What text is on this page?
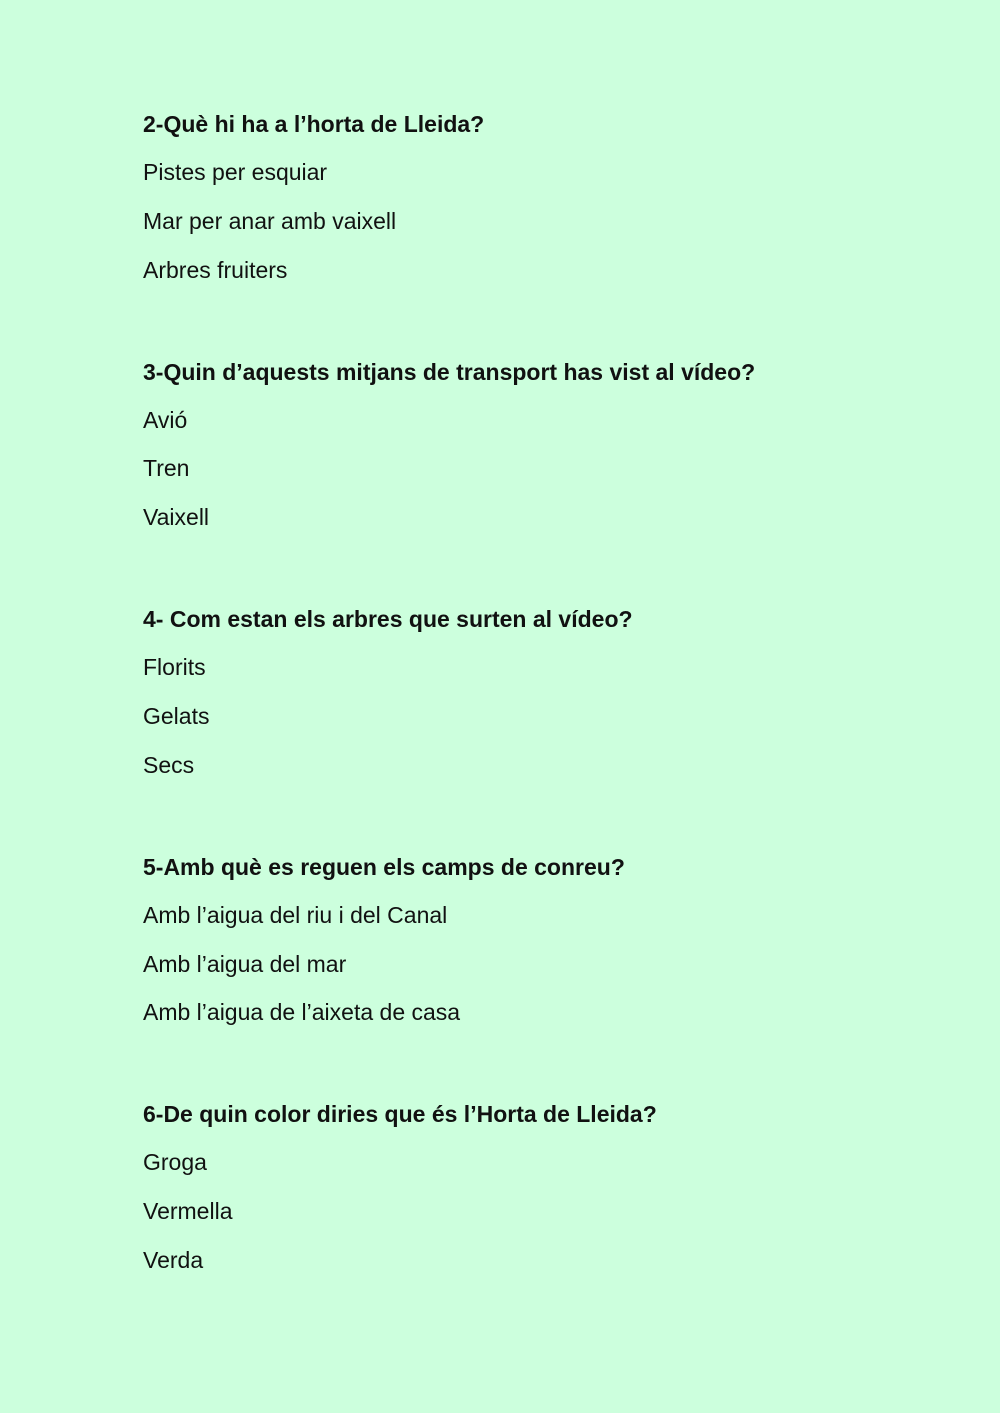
2-Què hi ha a l’horta de Lleida?
Pistes per esquiar
Mar per anar amb vaixell
Arbres fruiters
3-Quin d’aquests mitjans de transport has vist al vídeo?
Avió
Tren
Vaixell
4- Com estan els arbres que surten al vídeo?
Florits
Gelats
Secs
5-Amb què es reguen els camps de conreu?
Amb l’aigua del riu i del Canal
Amb l’aigua del mar
Amb l’aigua de l’aixeta de casa
6-De quin color diries que és l’Horta de Lleida?
Groga
Vermella
Verda
